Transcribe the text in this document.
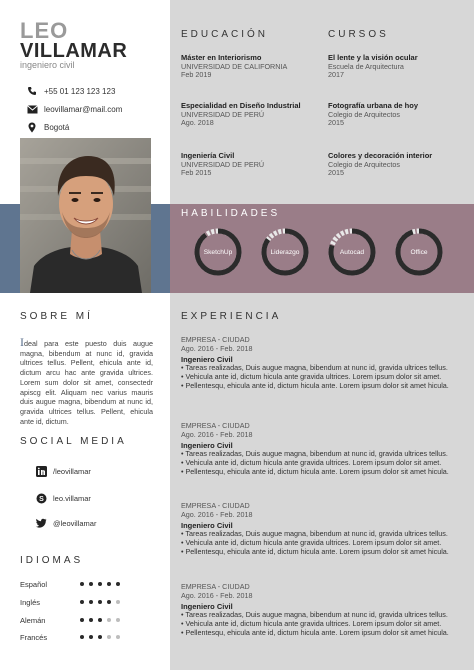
LEO
VILLAMAR
ingeniero civil
+55 01 123 123 123
leovillamar@mail.com
Bogotá
SOBRE MÍ
Ideal para este puesto duis augue magna, bibendum at nunc id, gravida ultrices tellus. Pellent, ehicula ante id, dictum arcu hac ante gravida ultrices. Lorem sum dolor sit amet, consectedr apiscg elit. Aliquam nec varius mauris duis augue magna, bibendum at nunc id, gravida ultrices tellus. Pellent, ehicula ante id, dictum.
SOCIAL MEDIA
/leovillamar
S leo.villamar
@leovillamar
IDIOMAS
Español
Inglés
Alemán
Francés
EDUCACIÓN
Máster en Interiorismo
UNIVERSIDAD DE CALIFORNIA
Feb 2019
Especialidad en Diseño Industrial
UNIVERSIDAD DE PERÚ
Ago. 2018
Ingeniería Civil
UNIVERSIDAD DE PERÚ
Feb 2015
CURSOS
El lente y la visión ocular
Escuela de Arquitectura
2017
Fotografía urbana de hoy
Colegio de Arquitectos
2015
Colores y decoración interior
Colegio de Arquitectos
2015
HABILIDADES
SketchUp	Liderazgo	Autocad	Office
EXPERIENCIA
EMPRESA - CIUDAD
Ago. 2016 - Feb. 2018
Ingeniero Civil
• Tareas realizadas, Duis augue magna, bibendum at nunc id, gravida ultrices tellus.
• Vehicula ante id, dictum hicula ante gravida ultrices. Lorem ipsum dolor sit amet.
• Pellentesqu, ehicula ante id, dictum hicula ante. Lorem ipsum dolor sit amet hicula.
EMPRESA - CIUDAD
Ago. 2016 - Feb. 2018
Ingeniero Civil
• Tareas realizadas, Duis augue magna, bibendum at nunc id, gravida ultrices tellus.
• Vehicula ante id, dictum hicula ante gravida ultrices. Lorem ipsum dolor sit amet.
• Pellentesqu, ehicula ante id, dictum hicula ante. Lorem ipsum dolor sit amet hicula.
EMPRESA - CIUDAD
Ago. 2016 - Feb. 2018
Ingeniero Civil
• Tareas realizadas, Duis augue magna, bibendum at nunc id, gravida ultrices tellus.
• Vehicula ante id, dictum hicula ante gravida ultrices. Lorem ipsum dolor sit amet.
• Pellentesqu, ehicula ante id, dictum hicula ante. Lorem ipsum dolor sit amet hicula.
EMPRESA - CIUDAD
Ago. 2016 - Feb. 2018
Ingeniero Civil
• Tareas realizadas, Duis augue magna, bibendum at nunc id, gravida ultrices tellus.
• Vehicula ante id, dictum hicula ante gravida ultrices. Lorem ipsum dolor sit amet.
• Pellentesqu, ehicula ante id, dictum hicula ante. Lorem ipsum dolor sit amet hicula.
